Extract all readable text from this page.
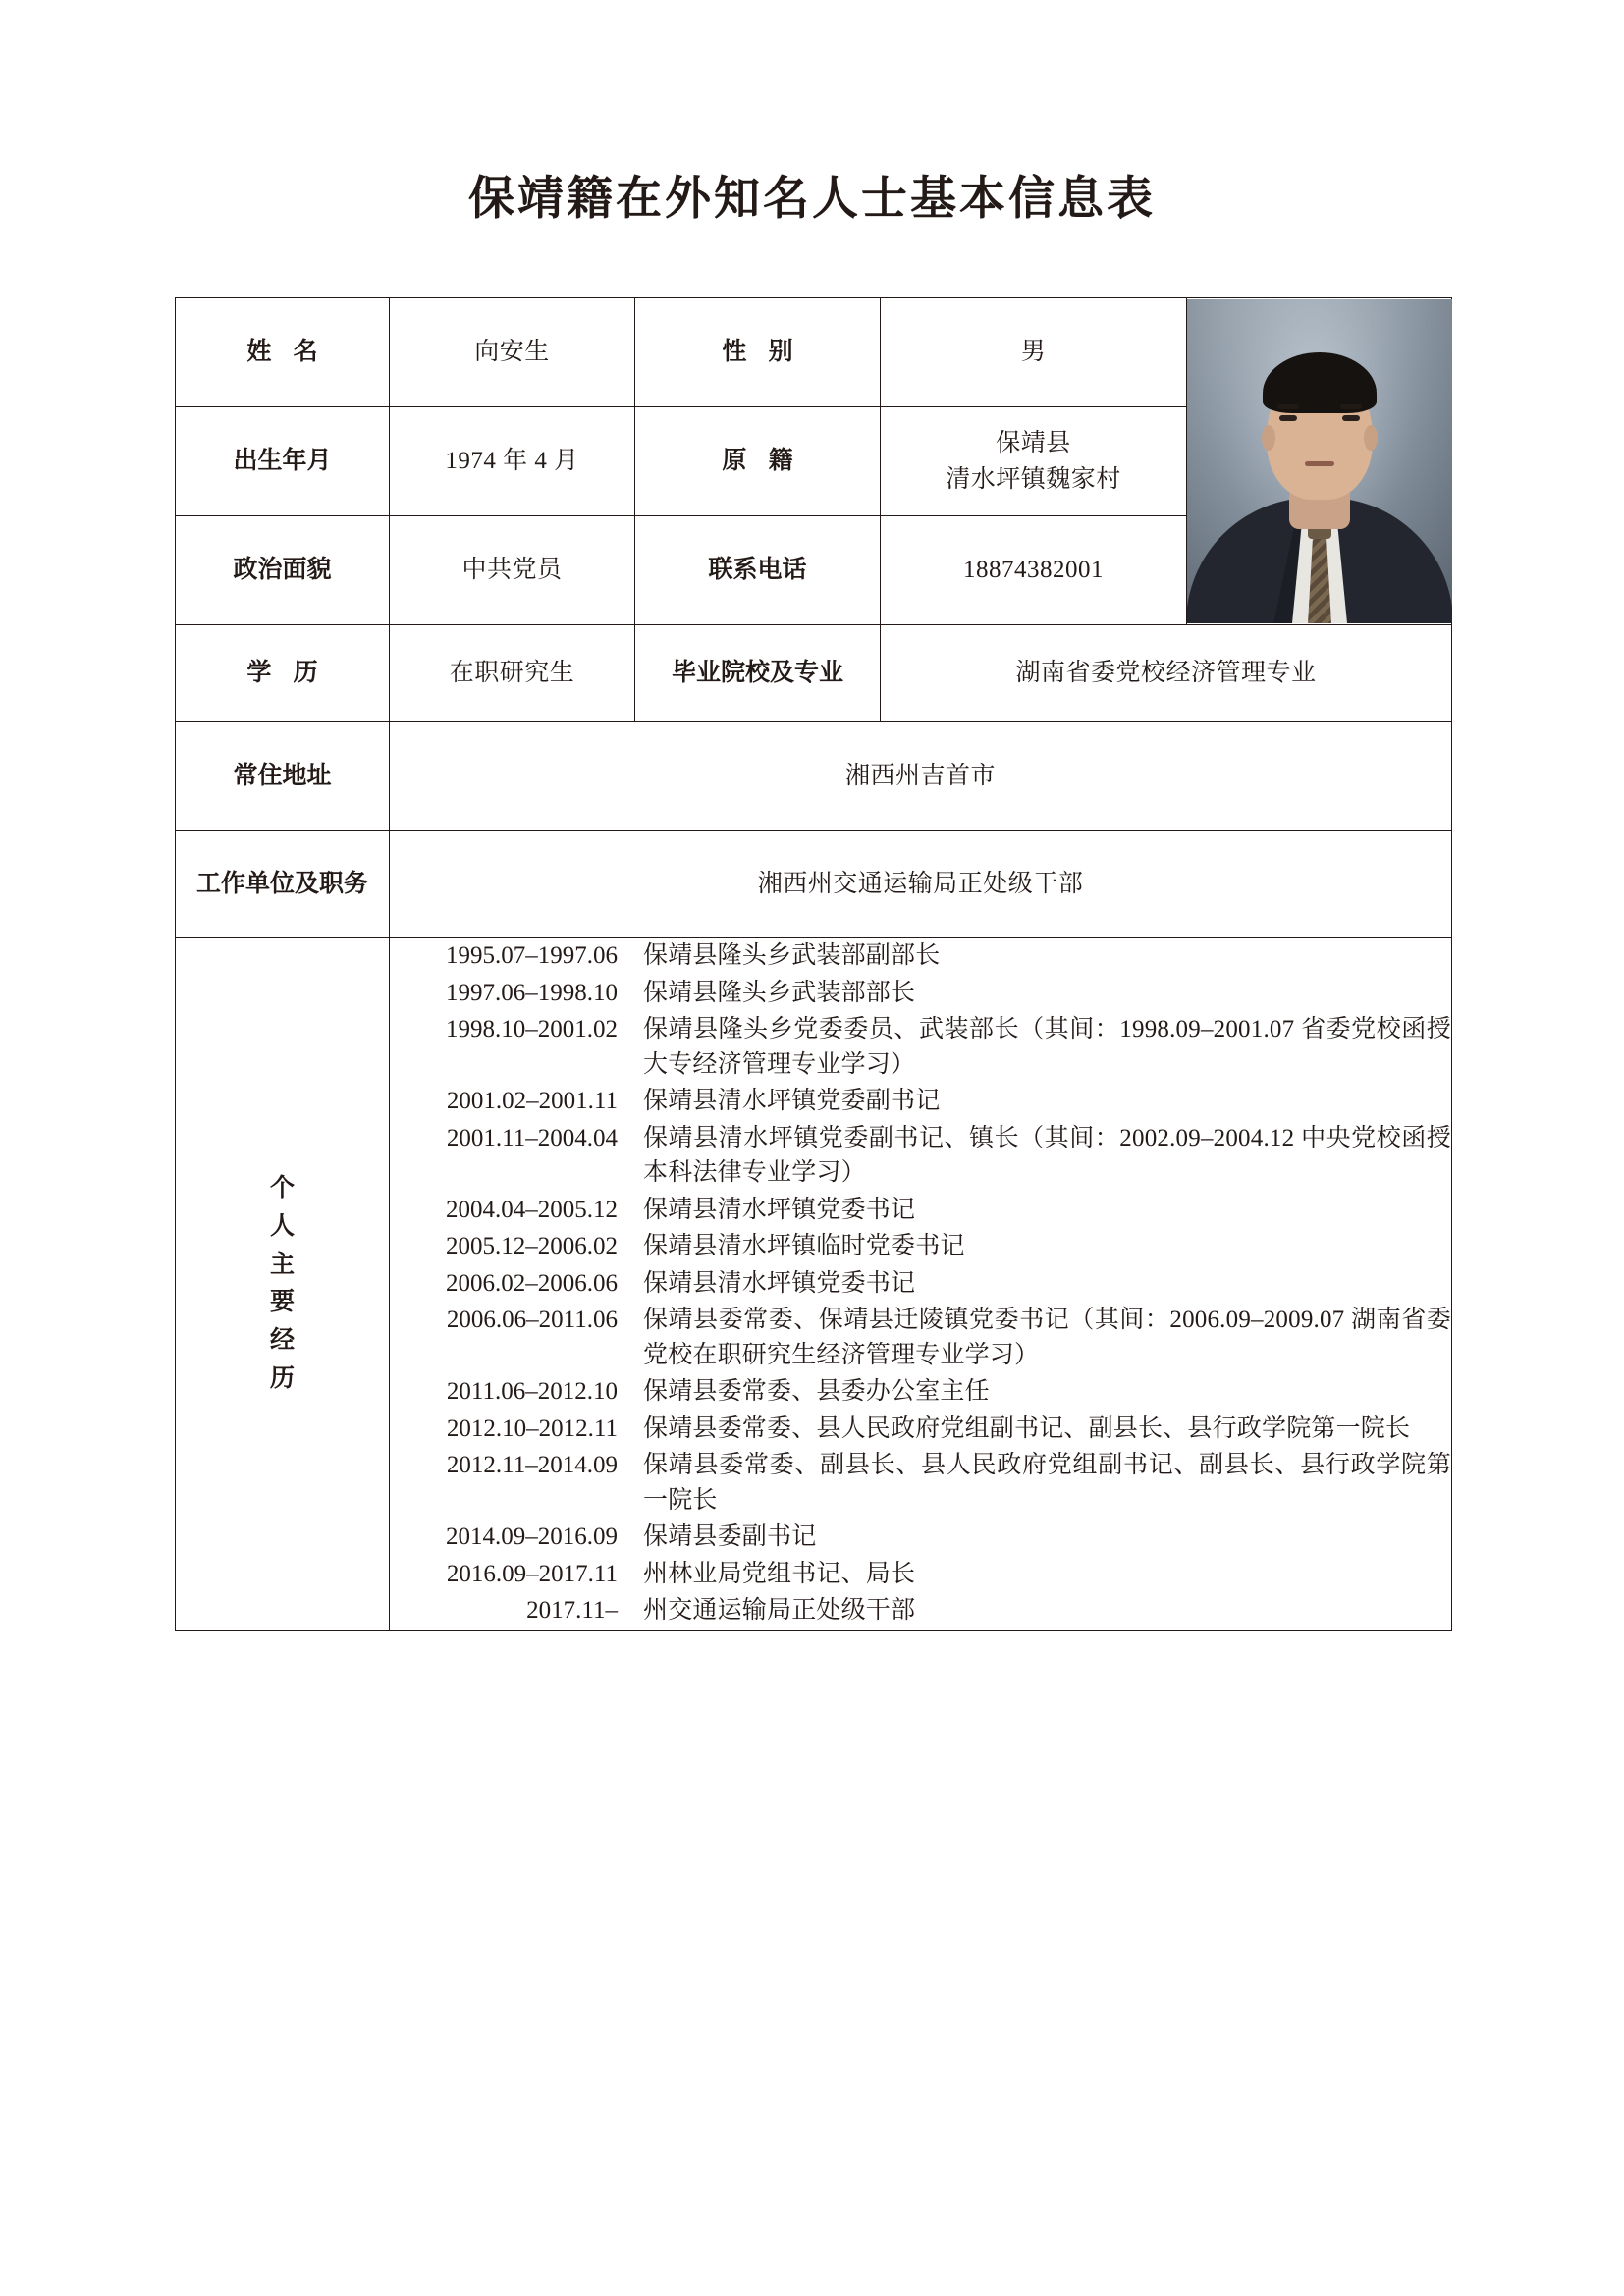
保靖籍在外知名人士基本信息表
姓 名	向安生	性 别	男	

出生年月	1974 年 4 月	原 籍	保靖县
清水坪镇魏家村	

政治面貌	中共党员	联系电话	18874382001	
学 历	在职研究生	毕业院校及专业	湖南省委党校经济管理专业	
常住地址	湘西州吉首市			
工作单位及职务	湘西州交通运输局正处级干部			

个
人
主
要
经
历

1995.07–1997.06	保靖县隆头乡武装部副部长
1997.06–1998.10	保靖县隆头乡武装部部长
1998.10–2001.02	保靖县隆头乡党委委员、武装部长（其间：1998.09–2001.07 省委党校函授大专经济管理专业学习）
2001.02–2001.11	保靖县清水坪镇党委副书记
2001.11–2004.04	保靖县清水坪镇党委副书记、镇长（其间：2002.09–2004.12 中央党校函授本科法律专业学习）
2004.04–2005.12	保靖县清水坪镇党委书记
2005.12–2006.02	保靖县清水坪镇临时党委书记
2006.02–2006.06	保靖县清水坪镇党委书记
2006.06–2011.06	保靖县委常委、保靖县迁陵镇党委书记（其间：2006.09–2009.07 湖南省委党校在职研究生经济管理专业学习）
2011.06–2012.10	保靖县委常委、县委办公室主任
2012.10–2012.11	保靖县委常委、县人民政府党组副书记、副县长、县行政学院第一院长
2012.11–2014.09	保靖县委常委、副县长、县人民政府党组副书记、副县长、县行政学院第一院长
2014.09–2016.09	保靖县委副书记
2016.09–2017.11	州林业局党组书记、局长
2017.11–	州交通运输局正处级干部
